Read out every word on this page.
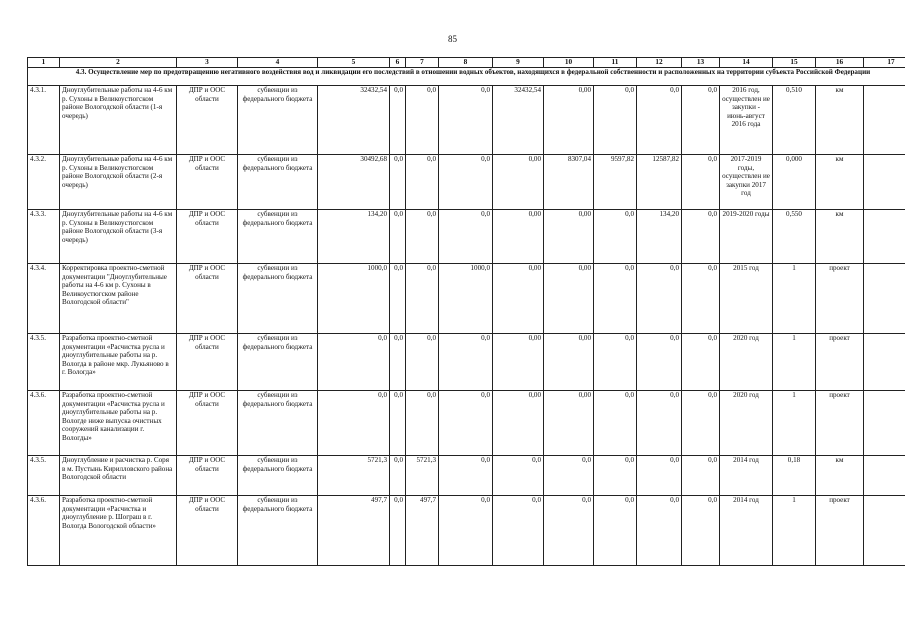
85
1	2	3	4	5	6	7	8	9	10	11	12	13	14	15	16	17
4.3. Осуществление мер по предотвращению негативного воздействия вод и ликвидации его последствий в отношении водных объектов, находящихся в федеральной собственности и расположенных на территории субъекта Российской Федерации																
4.3.1.	Дноуглубительные работы на 4-6 км р. Сухоны в Великоустюгском районе Вологодской области (1-я очередь)	ДПР и ООС области	субвенции из федерального бюджета	32432,54	0,0	0,0	0,0	32432,54	0,00	0,0	0,0	0,0	2016 год, осуществлен ие закупки - июнь-август 2016 года	0,510	км	
4.3.2.	Дноуглубительные работы на 4-6 км р. Сухоны в Великоустюгском районе Вологодской области (2-я очередь)	ДПР и ООС области	субвенции из федерального бюджета	30492,68	0,0	0,0	0,0	0,00	8307,04	9597,82	12587,82	0,0	2017-2019 годы, осуществлен ие закупки 2017 год	0,000	км	
4.3.3.	Дноуглубительные работы на 4-6 км р. Сухоны в Великоустюгском районе Вологодской области (3-я очередь)	ДПР и ООС области	субвенции из федерального бюджета	134,20	0,0	0,0	0,0	0,00	0,00	0,0	134,20	0,0	2019-2020 годы	0,550	км	
4.3.4.	Корректировка проектно-сметной документации "Дноуглубительные работы на 4-6 км р. Сухоны в Великоустюгском районе Вологодской области"	ДПР и ООС области	субвенции из федерального бюджета	1000,0	0,0	0,0	1000,0	0,00	0,00	0,0	0,0	0,0	2015 год	1	проект	
4.3.5.	Разработка проектно-сметной документации «Расчистка русла и дноуглубительные работы на р. Вологда в районе мкр. Лукьяново в г. Вологда»	ДПР и ООС области	субвенции из федерального бюджета	0,0	0,0	0,0	0,0	0,00	0,00	0,0	0,0	0,0	2020 год	1	проект	
4.3.6.	Разработка проектно-сметной документации «Расчистка русла и дноуглубительные работы на р. Вологде ниже выпуска очистных сооружений канализации г. Вологды»	ДПР и ООС области	субвенции из федерального бюджета	0,0	0,0	0,0	0,0	0,00	0,00	0,0	0,0	0,0	2020 год	1	проект	
4.3.5.	Дноуглубление и расчистка р. Соря в м. Пустынь Кирилловского района Вологодской области	ДПР и ООС области	субвенции из федерального бюджета	5721,3	0,0	5721,3	0,0	0,0	0,0	0,0	0,0	0,0	2014 год	0,18	км	
4.3.6.	Разработка проектно-сметной документации «Расчистка и дноуглубление р. Шограш в г. Вологда Вологодской области»	ДПР и ООС области	субвенции из федерального бюджета	497,7	0,0	497,7	0,0	0,0	0,0	0,0	0,0	0,0	2014 год	1	проект	
